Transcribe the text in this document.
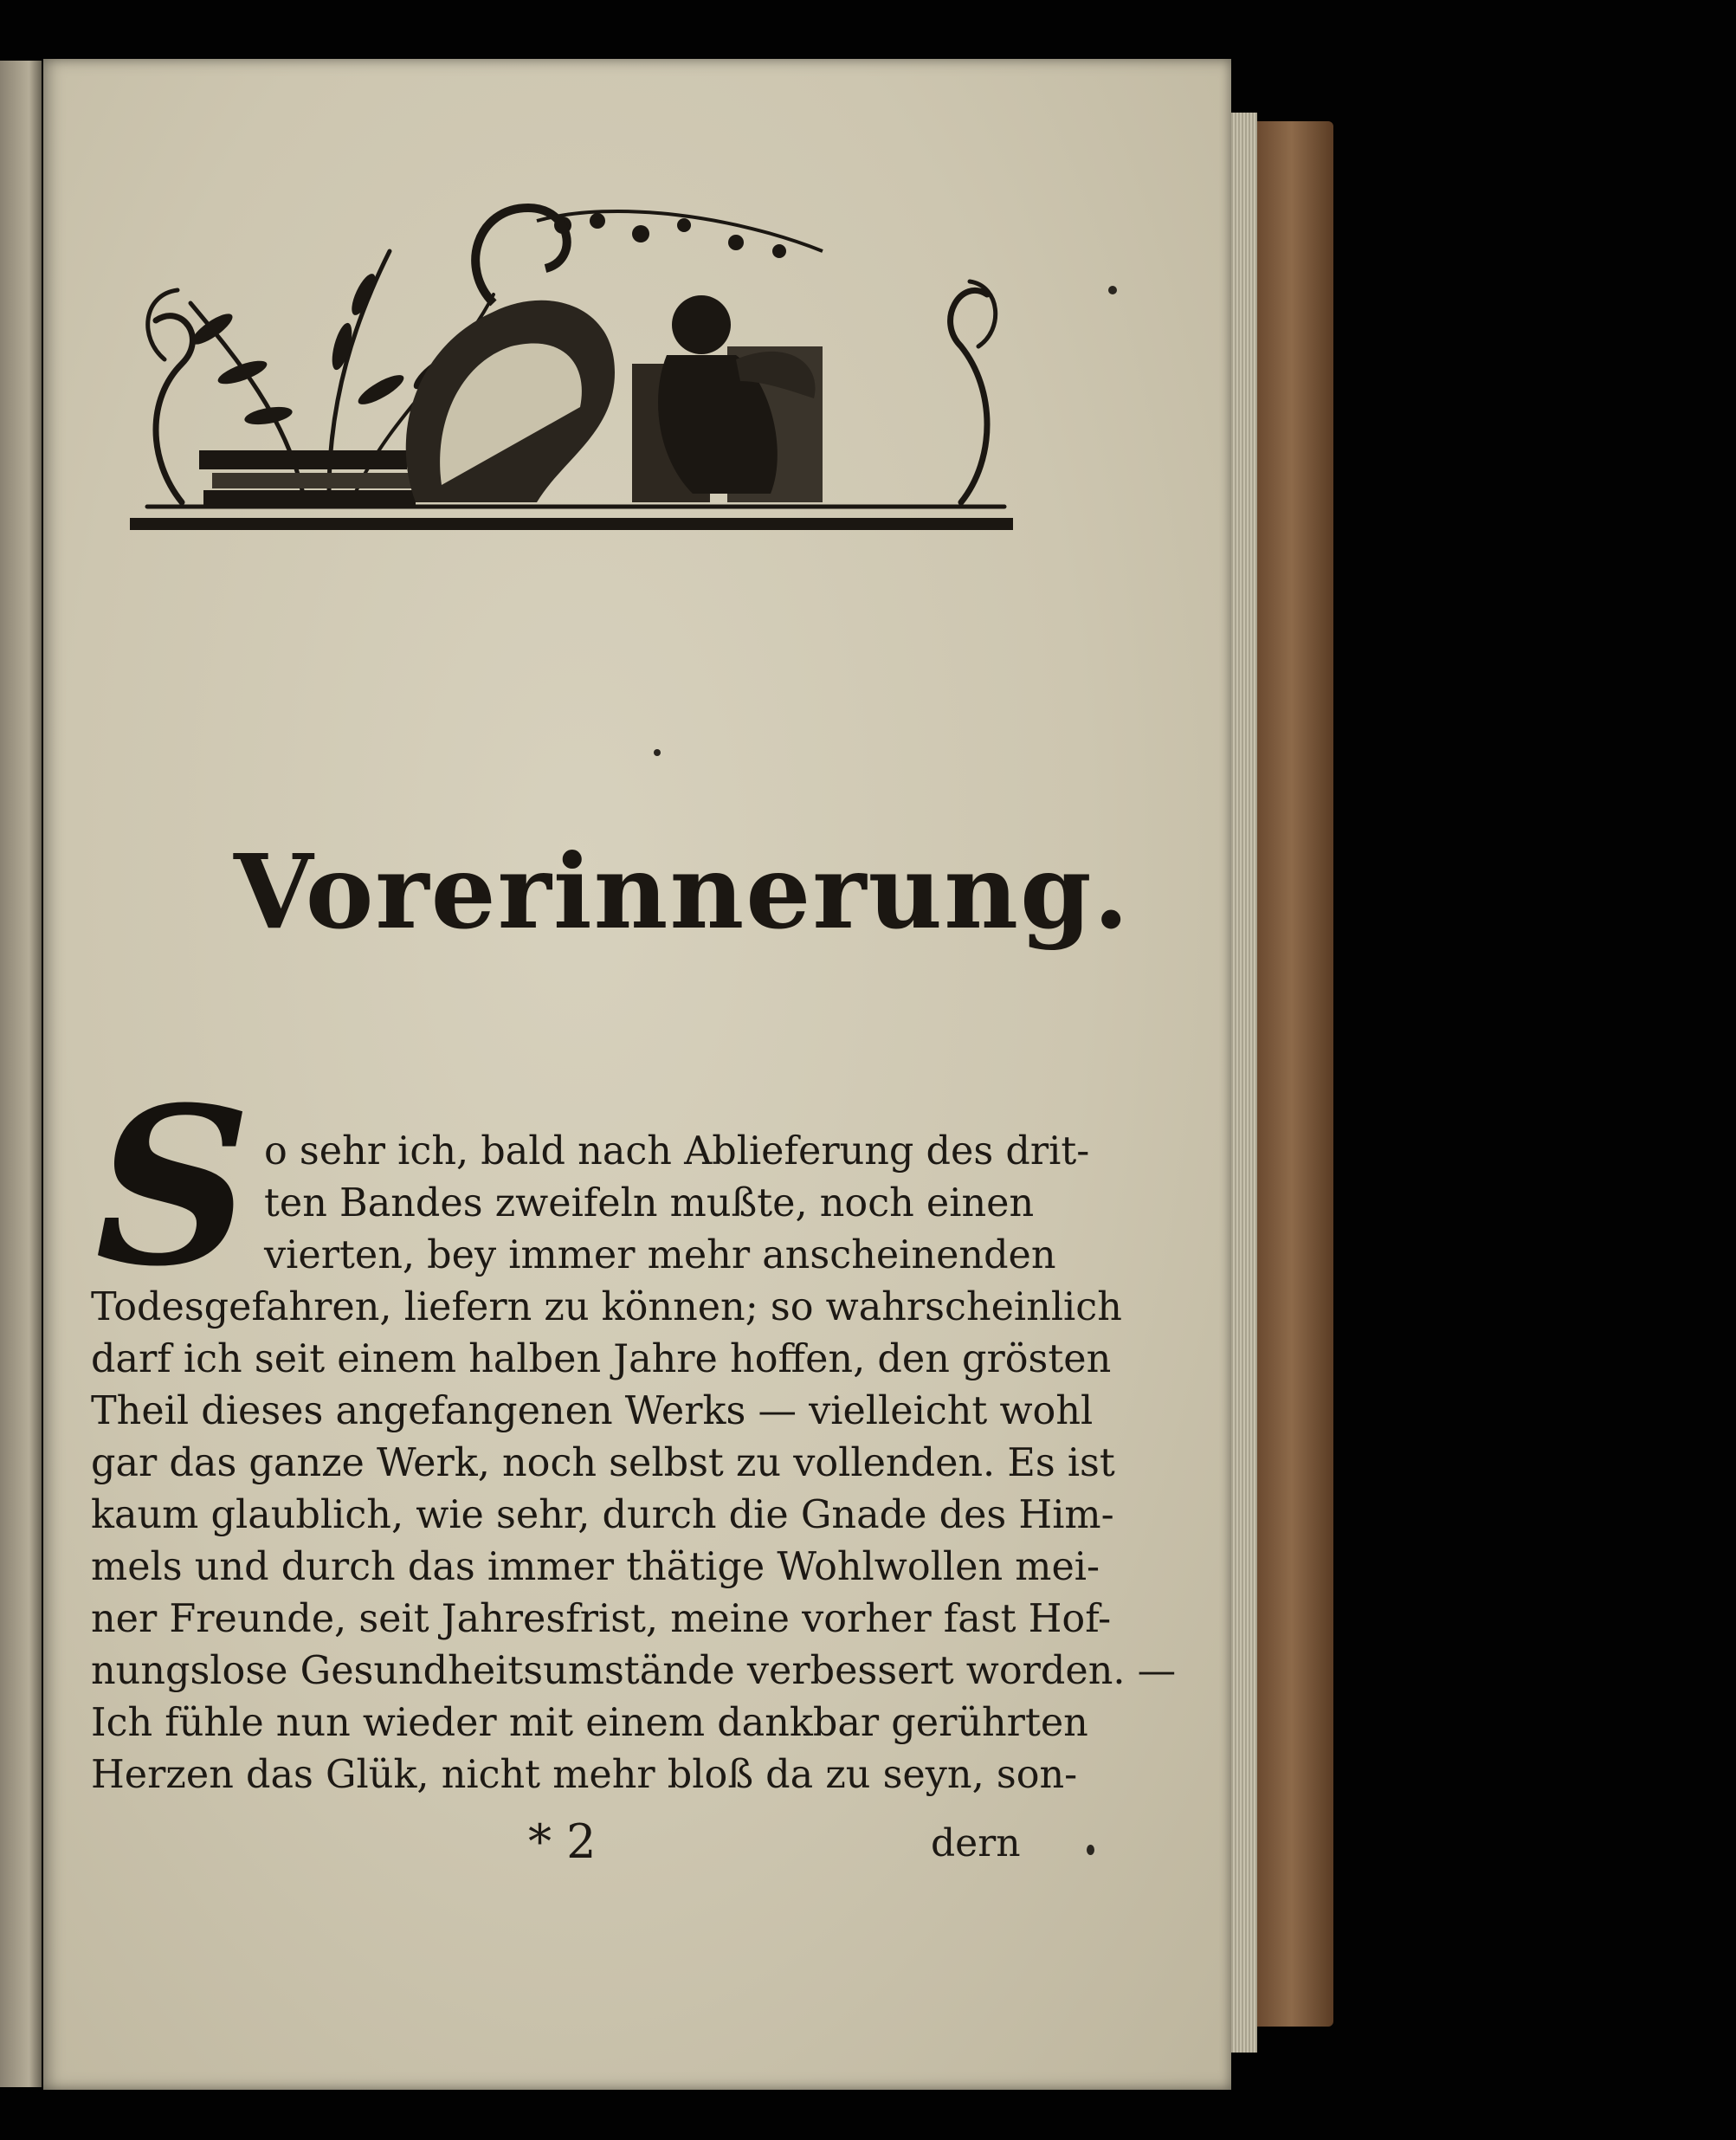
Vorerinnerung.
S o sehr ich, bald nach Ablieferung des drit-
ten Bandes zweifeln mußte, noch einen
vierten, bey immer mehr anscheinenden
Todesgefahren, liefern zu können; so wahrscheinlich
darf ich seit einem halben Jahre hoffen, den grösten
Theil dieses angefangenen Werks — vielleicht wohl
gar das ganze Werk, noch selbst zu vollenden. Es ist
kaum glaublich, wie sehr, durch die Gnade des Him-
mels und durch das immer thätige Wohlwollen mei-
ner Freunde, seit Jahresfrist, meine vorher fast Hof-
nungslose Gesundheitsumstände verbessert worden. —
Ich fühle nun wieder mit einem dankbar gerührten
Herzen das Glük, nicht mehr bloß da zu seyn, son-
* 2	dern
